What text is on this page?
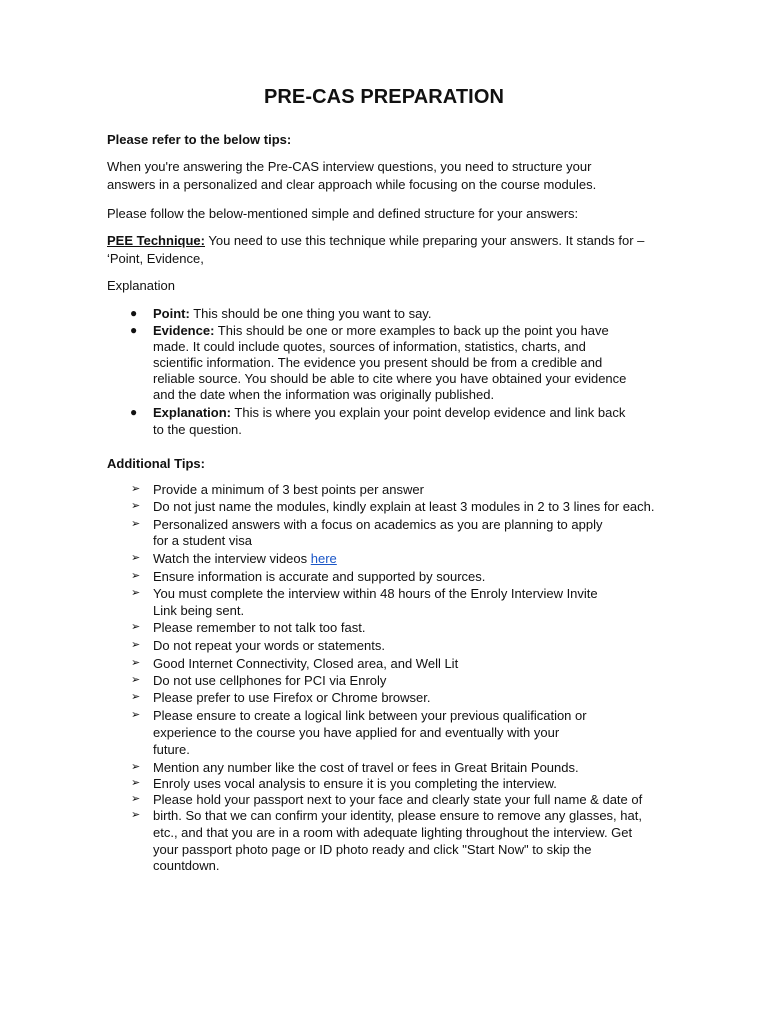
PRE-CAS PREPARATION
Please refer to the below tips:
When you're answering the Pre-CAS interview questions, you need to structure your
answers in a personalized and clear approach while focusing on the course modules.
Please follow the below-mentioned simple and defined structure for your answers:
PEE Technique: You need to use this technique while preparing your answers. It stands for –
‘Point, Evidence,
Explanation
● Point: This should be one thing you want to say.
● Evidence: This should be one or more examples to back up the point you have
made. It could include quotes, sources of information, statistics, charts, and
scientific information. The evidence you present should be from a credible and
reliable source. You should be able to cite where you have obtained your evidence
and the date when the information was originally published.
● Explanation: This is where you explain your point develop evidence and link back
to the question.
Additional Tips:
➢ Provide a minimum of 3 best points per answer
➢ Do not just name the modules, kindly explain at least 3 modules in 2 to 3 lines for each.
➢ Personalized answers with a focus on academics as you are planning to apply
for a student visa
➢ Watch the interview videos here
➢ Ensure information is accurate and supported by sources.
➢ You must complete the interview within 48 hours of the Enroly Interview Invite
Link being sent.
➢ Please remember to not talk too fast.
➢ Do not repeat your words or statements.
➢ Good Internet Connectivity, Closed area, and Well Lit
➢ Do not use cellphones for PCI via Enroly
➢ Please prefer to use Firefox or Chrome browser.
➢ Please ensure to create a logical link between your previous qualification or
experience to the course you have applied for and eventually with your
future.
➢ Mention any number like the cost of travel or fees in Great Britain Pounds.
➢ Enroly uses vocal analysis to ensure it is you completing the interview.
➢ Please hold your passport next to your face and clearly state your full name & date of
➢ birth. So that we can confirm your identity, please ensure to remove any glasses, hat,
etc., and that you are in a room with adequate lighting throughout the interview. Get
your passport photo page or ID photo ready and click "Start Now" to skip the
countdown.
